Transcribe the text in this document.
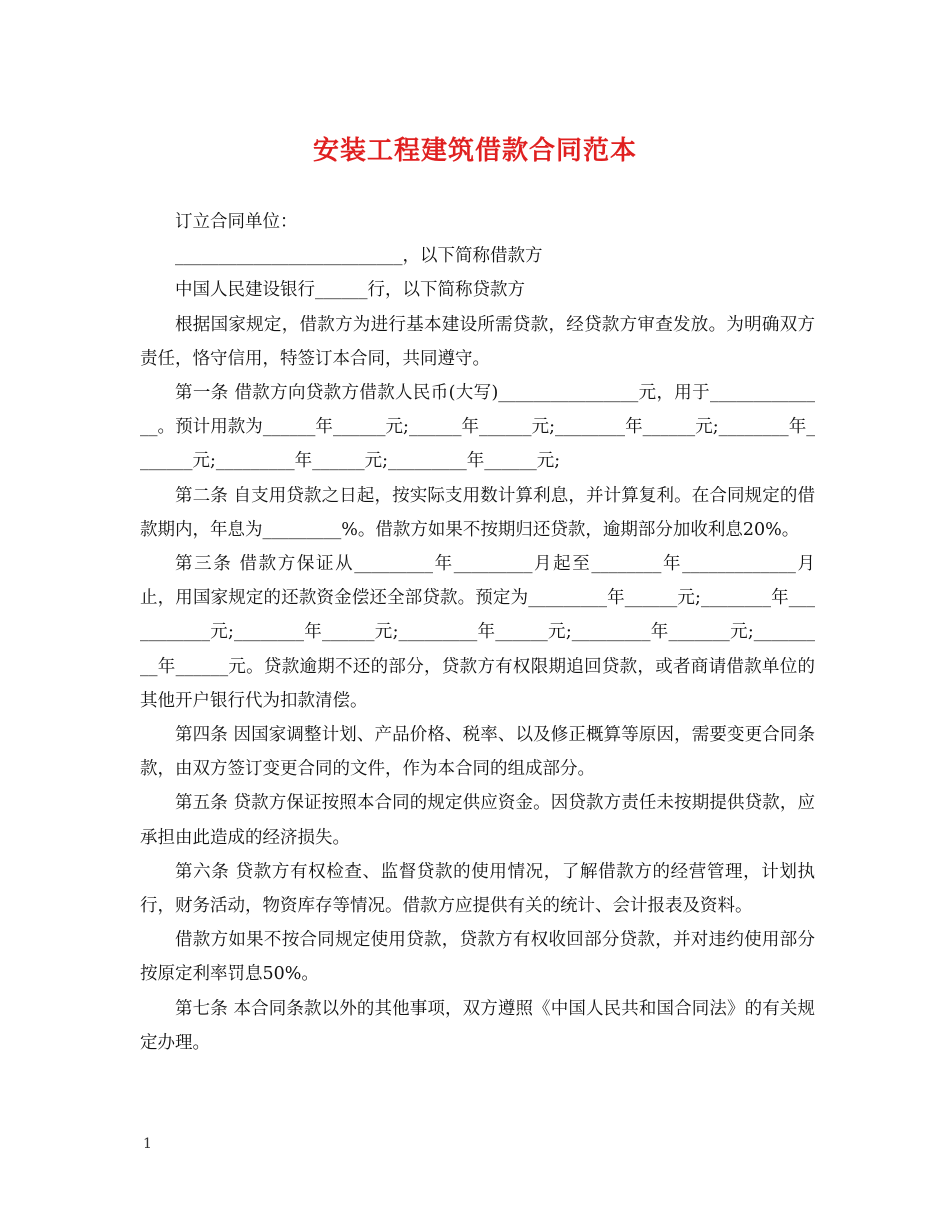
安装工程建筑借款合同范本

订立合同单位：

__________________________，以下简称借款方

中国人民建设银行______行，以下简称贷款方

根据国家规定，借款方为进行基本建设所需贷款，经贷款方审查发放。为明确双方责任，恪守信用，特签订本合同，共同遵守。

第一条 借款方向贷款方借款人民币(大写)________________元，用于______________。预计用款为______年______元;______年______元;________年______元;________年_______元;_________年______元;_________年______元;

第二条 自支用贷款之日起，按实际支用数计算利息，并计算复利。在合同规定的借款期内，年息为_________%。借款方如果不按期归还贷款，逾期部分加收利息20%。

第三条 借款方保证从_________年_________月起至________年_____________月止，用国家规定的还款资金偿还全部贷款。预定为_________年______元;________年___________元;________年______元;_________年______元;_________年_______元;_________年______元。贷款逾期不还的部分，贷款方有权限期追回贷款，或者商请借款单位的其他开户银行代为扣款清偿。

第四条 因国家调整计划、产品价格、税率、以及修正概算等原因，需要变更合同条款，由双方签订变更合同的文件，作为本合同的组成部分。

第五条 贷款方保证按照本合同的规定供应资金。因贷款方责任未按期提供贷款，应承担由此造成的经济损失。

第六条 贷款方有权检查、监督贷款的使用情况，了解借款方的经营管理，计划执行，财务活动，物资库存等情况。借款方应提供有关的统计、会计报表及资料。

借款方如果不按合同规定使用贷款，贷款方有权收回部分贷款，并对违约使用部分按原定利率罚息50%。

第七条 本合同条款以外的其他事项，双方遵照《中国人民共和国合同法》的有关规定办理。

1
